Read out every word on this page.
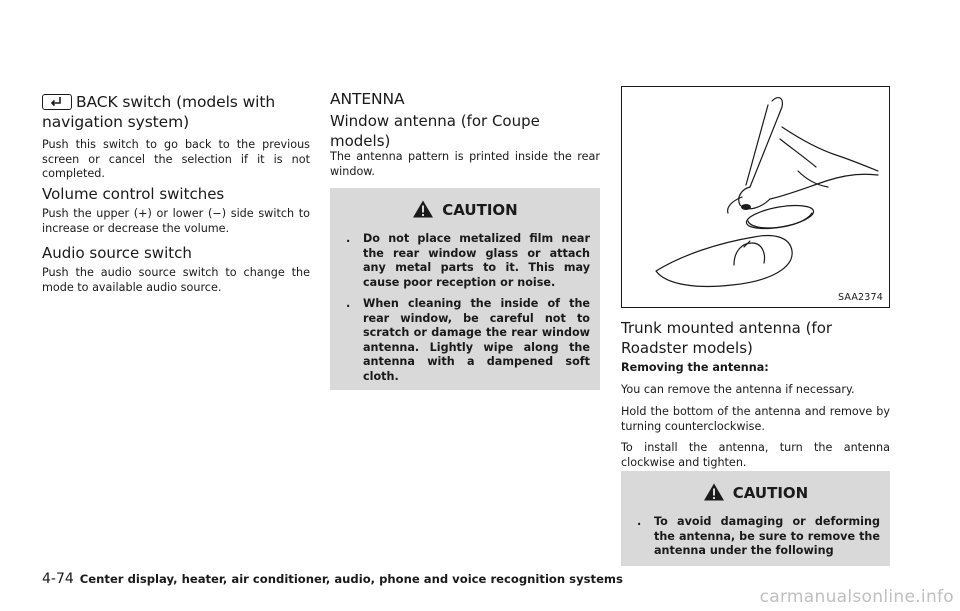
BACK switch (models with navigation system)

Push this switch to go back to the previous screen or cancel the selection if it is not completed.

Volume control switches

Push the upper (+) or lower (−) side switch to increase or decrease the volume.

Audio source switch

Push the audio source switch to change the mode to available audio source.

ANTENNA
Window antenna (for Coupe models)

The antenna pattern is printed inside the rear window.

CAUTION
. Do not place metalized film near the rear window glass or attach any metal parts to it. This may cause poor reception or noise.
. When cleaning the inside of the rear window, be careful not to scratch or damage the rear window antenna. Lightly wipe along the antenna with a dampened soft cloth.
SAA2374
Trunk mounted antenna (for Roadster models)

Removing the antenna:

You can remove the antenna if necessary.

Hold the bottom of the antenna and remove by turning counterclockwise.

To install the antenna, turn the antenna clockwise and tighten.

CAUTION
. To avoid damaging or deforming the antenna, be sure to remove the antenna under the following
4-74 Center display, heater, air conditioner, audio, phone and voice recognition systems
carmanualsonline.info
